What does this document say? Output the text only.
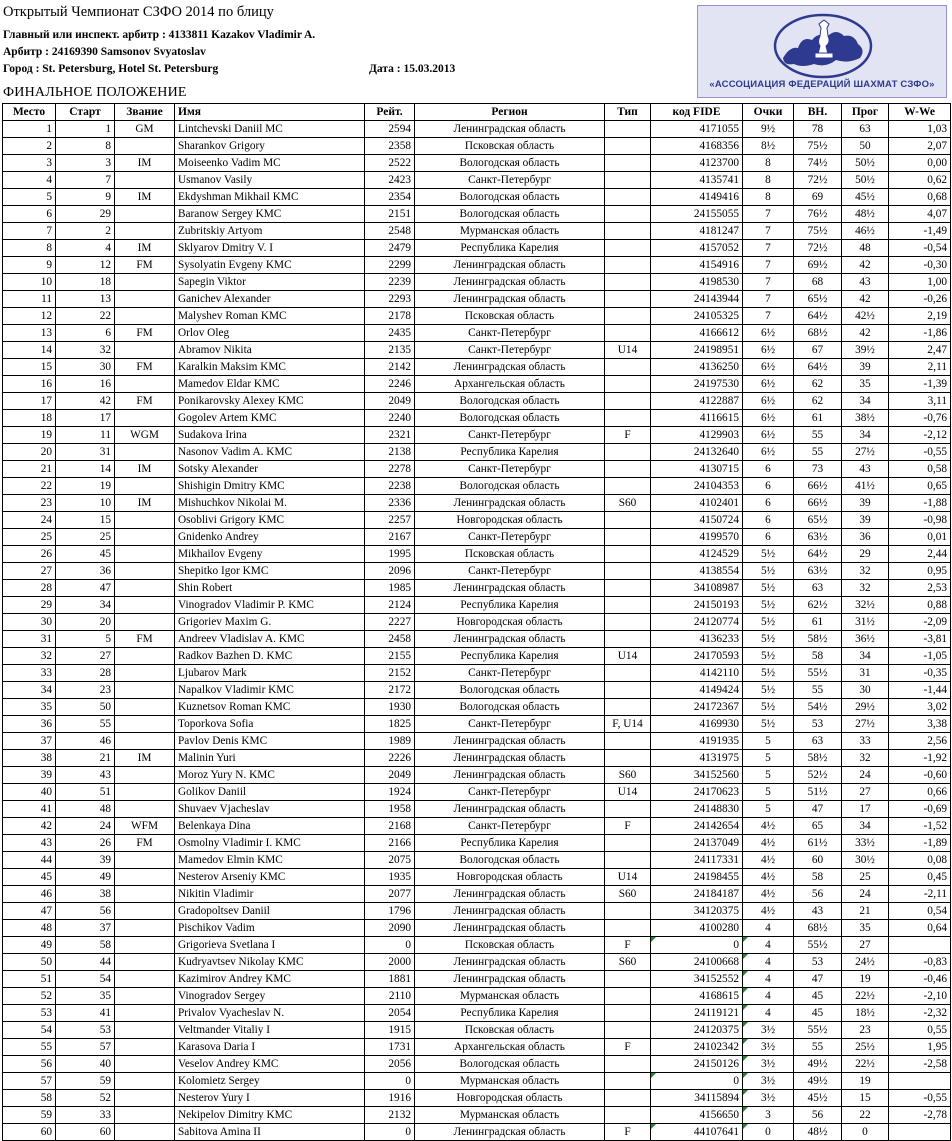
Открытый Чемпионат СЗФО 2014 по блицу
Главный или инспект. арбитр : 4133811 Kazakov Vladimir A.
Арбитр : 24169390 Samsonov Svyatoslav
Город : St. Petersburg, Hotel St. Petersburg	Дата : 15.03.2013
ФИНАЛЬНОЕ ПОЛОЖЕНИЕ
«АССОЦИАЦИЯ ФЕДЕРАЦИЙ ШАХМАТ СЗФО»
Место	Старт	Звание	Имя	Рейт.	Регион	Тип	код FIDE	Очки	ВН.	Прог	W-We
1	1	GM	Lintchevski Daniil MC	2594	Ленинградская область		4171055	9½	78	63	1,03
2	8		Sharankov Grigory	2358	Псковская область		4168356	8½	75½	50	2,07
3	3	IM	Moiseenko Vadim MC	2522	Вологодская область		4123700	8	74½	50½	0,00
4	7		Usmanov Vasily	2423	Санкт-Петербург		4135741	8	72½	50½	0,62
5	9	IM	Ekdyshman Mikhail KMC	2354	Вологодская область		4149416	8	69	45½	0,68
6	29		Baranow Sergey KMC	2151	Вологодская область		24155055	7	76½	48½	4,07
7	2		Zubritskiy Artyom	2548	Мурманская область		4181247	7	75½	46½	-1,49
8	4	IM	Sklyarov Dmitry V. I	2479	Республика Карелия		4157052	7	72½	48	-0,54
9	12	FM	Sysolyatin Evgeny KMC	2299	Ленинградская область		4154916	7	69½	42	-0,30
10	18		Sapegin Viktor	2239	Ленинградская область		4198530	7	68	43	1,00
11	13		Ganichev Alexander	2293	Ленинградская область		24143944	7	65½	42	-0,26
12	22		Malyshev Roman KMC	2178	Псковская область		24105325	7	64½	42½	2,19
13	6	FM	Orlov Oleg	2435	Санкт-Петербург		4166612	6½	68½	42	-1,86
14	32		Abramov Nikita	2135	Санкт-Петербург	U14	24198951	6½	67	39½	2,47
15	30	FM	Karalkin Maksim KMC	2142	Ленинградская область		4136250	6½	64½	39	2,11
16	16		Mamedov Eldar KMC	2246	Архангельская область		24197530	6½	62	35	-1,39
17	42	FM	Ponikarovsky Alexey KMC	2049	Вологодская область		4122887	6½	62	34	3,11
18	17		Gogolev Artem KMC	2240	Вологодская область		4116615	6½	61	38½	-0,76
19	11	WGM	Sudakova Irina	2321	Санкт-Петербург	F	4129903	6½	55	34	-2,12
20	31		Nasonov Vadim A. KMC	2138	Республика Карелия		24132640	6½	55	27½	-0,55
21	14	IM	Sotsky Alexander	2278	Санкт-Петербург		4130715	6	73	43	0,58
22	19		Shishigin Dmitry KMC	2238	Вологодская область		24104353	6	66½	41½	0,65
23	10	IM	Mishuchkov Nikolai M.	2336	Ленинградская область	S60	4102401	6	66½	39	-1,88
24	15		Osoblivi Grigory KMC	2257	Новгородская область		4150724	6	65½	39	-0,98
25	25		Gnidenko Andrey	2167	Санкт-Петербург		4199570	6	63½	36	0,01
26	45		Mikhailov Evgeny	1995	Псковская область		4124529	5½	64½	29	2,44
27	36		Shepitko Igor KMC	2096	Санкт-Петербург		4138554	5½	63½	32	0,95
28	47		Shin Robert	1985	Ленинградская область		34108987	5½	63	32	2,53
29	34		Vinogradov Vladimir P. KMC	2124	Республика Карелия		24150193	5½	62½	32½	0,88
30	20		Grigoriev Maxim G.	2227	Новгородская область		24120774	5½	61	31½	-2,09
31	5	FM	Andreev Vladislav A. KMC	2458	Ленинградская область		4136233	5½	58½	36½	-3,81
32	27		Radkov Bazhen D. KMC	2155	Республика Карелия	U14	24170593	5½	58	34	-1,05
33	28		Ljubarov Mark	2152	Санкт-Петербург		4142110	5½	55½	31	-0,35
34	23		Napalkov Vladimir KMC	2172	Вологодская область		4149424	5½	55	30	-1,44
35	50		Kuznetsov Roman KMC	1930	Вологодская область		24172367	5½	54½	29½	3,02
36	55		Toporkova Sofia	1825	Санкт-Петербург	F, U14	4169930	5½	53	27½	3,38
37	46		Pavlov Denis KMC	1989	Ленинградская область		4191935	5	63	33	2,56
38	21	IM	Malinin Yuri	2226	Ленинградская область		4131975	5	58½	32	-1,92
39	43		Moroz Yury N. KMC	2049	Ленинградская область	S60	34152560	5	52½	24	-0,60
40	51		Golikov Daniil	1924	Санкт-Петербург	U14	24170623	5	51½	27	0,66
41	48		Shuvaev Vjacheslav	1958	Ленинградская область		24148830	5	47	17	-0,69
42	24	WFM	Belenkaya Dina	2168	Санкт-Петербург	F	24142654	4½	65	34	-1,52
43	26	FM	Osmolny Vladimir I. KMC	2166	Республика Карелия		24137049	4½	61½	33½	-1,89
44	39		Mamedov Elmin KMC	2075	Вологодская область		24117331	4½	60	30½	0,08
45	49		Nesterov Arseniy KMC	1935	Новгородская область	U14	24198455	4½	58	25	0,45
46	38		Nikitin Vladimir	2077	Ленинградская область	S60	24184187	4½	56	24	-2,11
47	56		Gradopoltsev Daniil	1796	Ленинградская область		34120375	4½	43	21	0,54
48	37		Pischikov Vadim	2090	Ленинградская область		4100280	4	68½	35	0,64
49	58		Grigorieva Svetlana I	0	Псковская область	F	0	4	55½	27	
50	44		Kudryavtsev Nikolay KMC	2000	Ленинградская область	S60	24100668	4	53	24½	-0,83
51	54		Kazimirov Andrey KMC	1881	Ленинградская область		34152552	4	47	19	-0,46
52	35		Vinogradov Sergey	2110	Мурманская область		4168615	4	45	22½	-2,10
53	41		Privalov Vyacheslav N.	2054	Республика Карелия		24119121	4	45	18½	-2,32
54	53		Veltmander Vitaliy I	1915	Псковская область		24120375	3½	55½	23	0,55
55	57		Karasova Daria I	1731	Архангельская область	F	24102342	3½	55	25½	1,95
56	40		Veselov Andrey KMC	2056	Вологодская область		24150126	3½	49½	22½	-2,58
57	59		Kolomietz Sergey	0	Мурманская область		0	3½	49½	19	
58	52		Nesterov Yury I	1916	Новгородская область		34115894	3½	45½	15	-0,55
59	33		Nekipelov Dimitry KMC	2132	Мурманская область		4156650	3	56	22	-2,78
60	60		Sabitova Amina II	0	Ленинградская область	F	44107641	0	48½	0	
